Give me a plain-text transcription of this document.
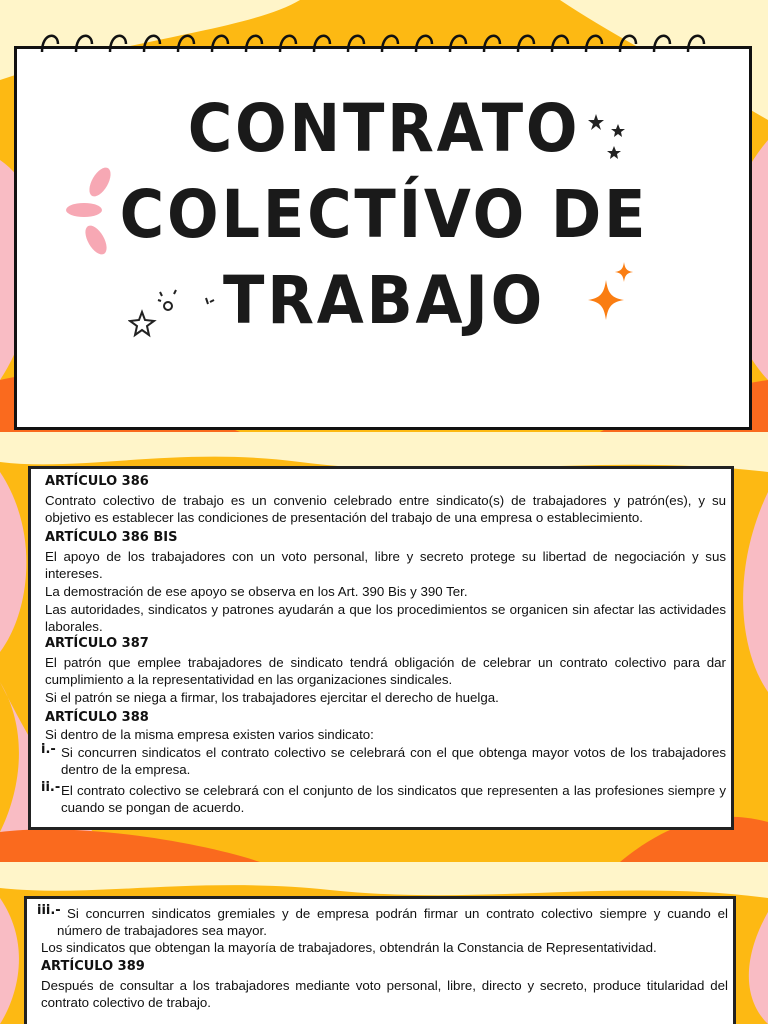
CONTRATO
COLECTÍVO DE
TRABAJO
ARTÍCULO 386
Contrato colectivo de trabajo es un convenio celebrado entre sindicato(s) de trabajadores y patrón(es), y su objetivo es establecer las condiciones de presentación del trabajo de una empresa o establecimiento.
ARTÍCULO 386 BIS
El apoyo de los trabajadores con un voto personal, libre y secreto protege su libertad de negociación y sus intereses.
La demostración de ese apoyo se observa en los Art. 390 Bis y 390 Ter.
Las autoridades, sindicatos y patrones ayudarán a que los procedimientos se organicen sin afectar las actividades laborales.
ARTÍCULO 387
El patrón que emplee trabajadores de sindicato tendrá obligación de celebrar un contrato colectivo para dar cumplimiento a la representatividad en las organizaciones sindicales.
Si el patrón se niega a firmar, los trabajadores ejercitar el derecho de huelga.
ARTÍCULO 388
Si dentro de la misma empresa existen varios sindicato:
i.- Si concurren sindicatos el contrato colectivo se celebrará con el que obtenga mayor votos de los trabajadores dentro de la empresa.
ii.- El contrato colectivo se celebrará con el conjunto de los sindicatos que representen a las profesiones siempre y cuando se pongan de acuerdo.
iii.- Si concurren sindicatos gremiales y de empresa podrán firmar un contrato colectivo siempre y cuando el número de trabajadores sea mayor.
Los sindicatos que obtengan la mayoría de trabajadores, obtendrán la Constancia de Representatividad.
ARTÍCULO 389
Después de consultar a los trabajadores mediante voto personal, libre, directo y secreto, produce titularidad del contrato colectivo de trabajo.
